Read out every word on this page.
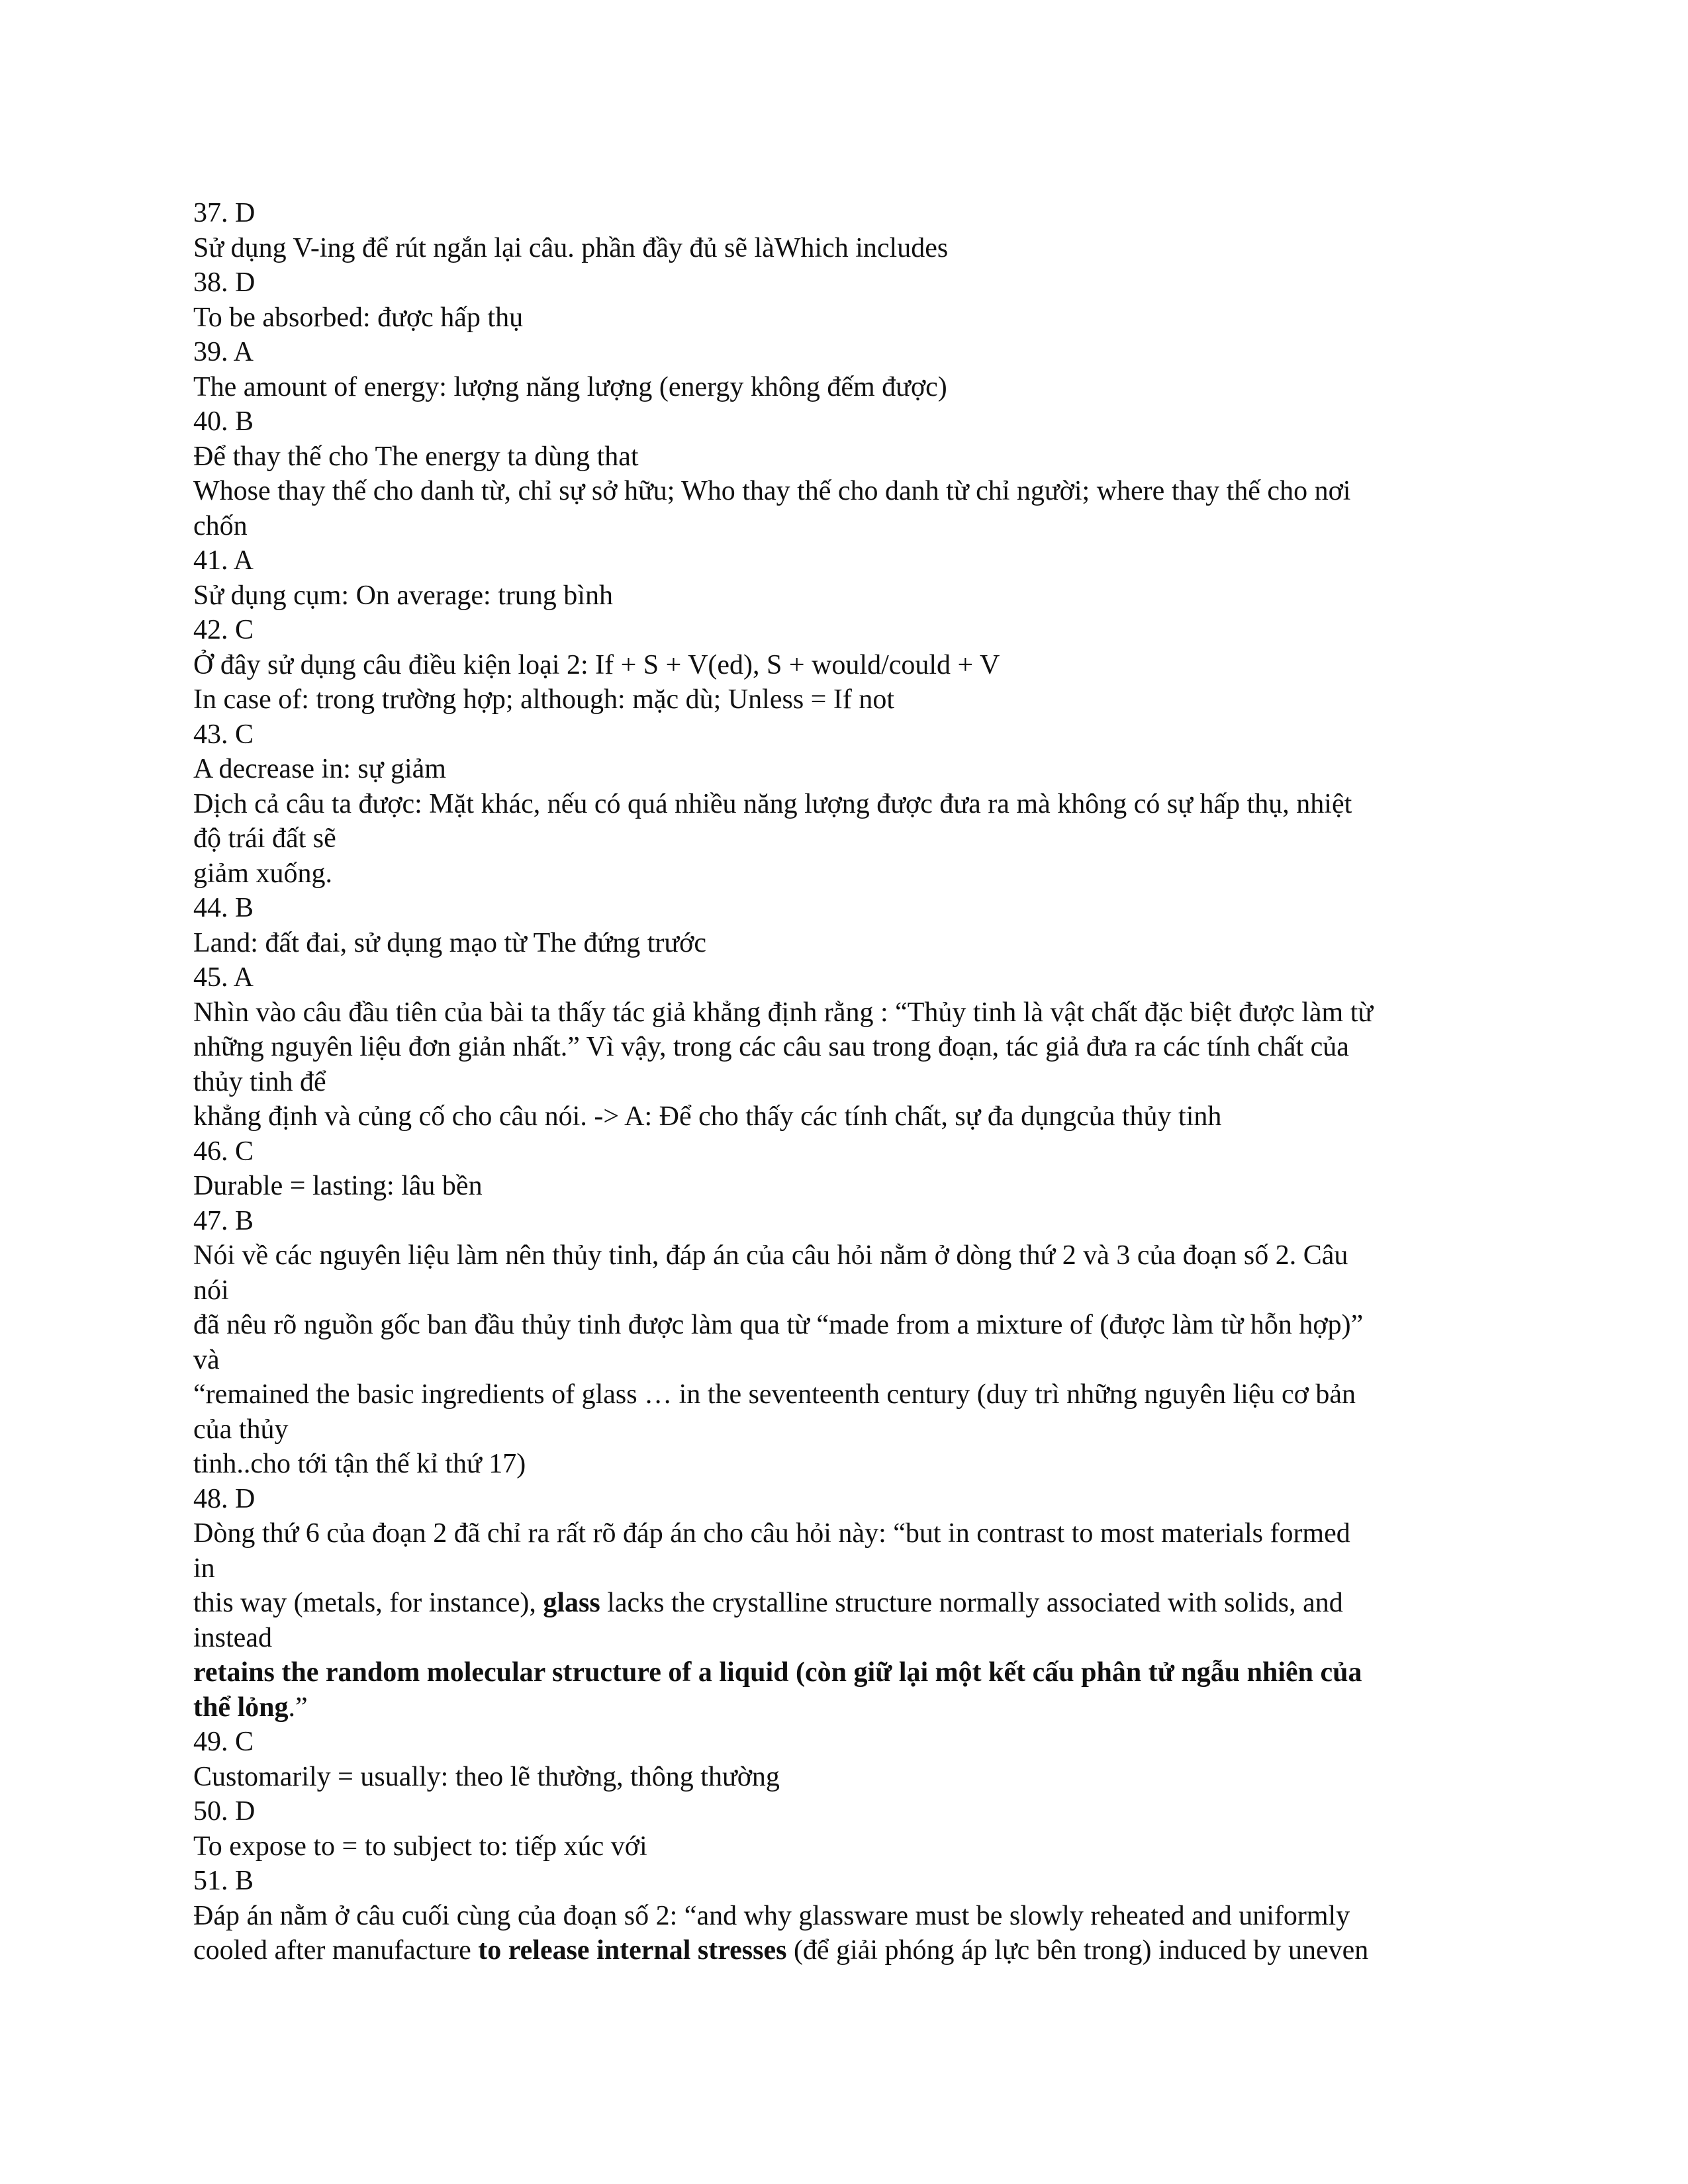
37. D
Sử dụng V-ing để rút ngắn lại câu. phần đầy đủ sẽ làWhich includes
38. D
To be absorbed: được hấp thụ
39. A
The amount of energy: lượng năng lượng (energy không đếm được)
40. B
Để thay thế cho The energy ta dùng that
Whose thay thế cho danh từ, chỉ sự sở hữu; Who thay thế cho danh từ chỉ người; where thay thế cho nơi
chốn
41. A
Sử dụng cụm: On average: trung bình
42. C
Ở đây sử dụng câu điều kiện loại 2: If + S + V(ed), S + would/could + V
In case of: trong trường hợp; although: mặc dù; Unless = If not
43. C
A decrease in: sự giảm
Dịch cả câu ta được: Mặt khác, nếu có quá nhiều năng lượng được đưa ra mà không có sự hấp thụ, nhiệt
độ trái đất sẽ
giảm xuống.
44. B
Land: đất đai, sử dụng mạo từ The đứng trước
45. A
Nhìn vào câu đầu tiên của bài ta thấy tác giả khẳng định rằng : “Thủy tinh là vật chất đặc biệt được làm từ
những nguyên liệu đơn giản nhất.” Vì vậy, trong các câu sau trong đoạn, tác giả đưa ra các tính chất của
thủy tinh để
khẳng định và củng cố cho câu nói. -> A: Để cho thấy các tính chất, sự đa dụngcủa thủy tinh
46. C
Durable = lasting: lâu bền
47. B
Nói về các nguyên liệu làm nên thủy tinh, đáp án của câu hỏi nằm ở dòng thứ 2 và 3 của đoạn số 2. Câu
nói
đã nêu rõ nguồn gốc ban đầu thủy tinh được làm qua từ “made from a mixture of (được làm từ hỗn hợp)”
và
“remained the basic ingredients of glass … in the seventeenth century (duy trì những nguyên liệu cơ bản
của thủy
tinh..cho tới tận thế kỉ thứ 17)
48. D
Dòng thứ 6 của đoạn 2 đã chỉ ra rất rõ đáp án cho câu hỏi này: “but in contrast to most materials formed
in
this way (metals, for instance), glass lacks the crystalline structure normally associated with solids, and
instead
retains the random molecular structure of a liquid (còn giữ lại một kết cấu phân tử ngẫu nhiên của
thể lỏng.”
49. C
Customarily = usually: theo lẽ thường, thông thường
50. D
To expose to = to subject to: tiếp xúc với
51. B
Đáp án nằm ở câu cuối cùng của đoạn số 2: “and why glassware must be slowly reheated and uniformly
cooled after manufacture to release internal stresses (để giải phóng áp lực bên trong) induced by uneven
